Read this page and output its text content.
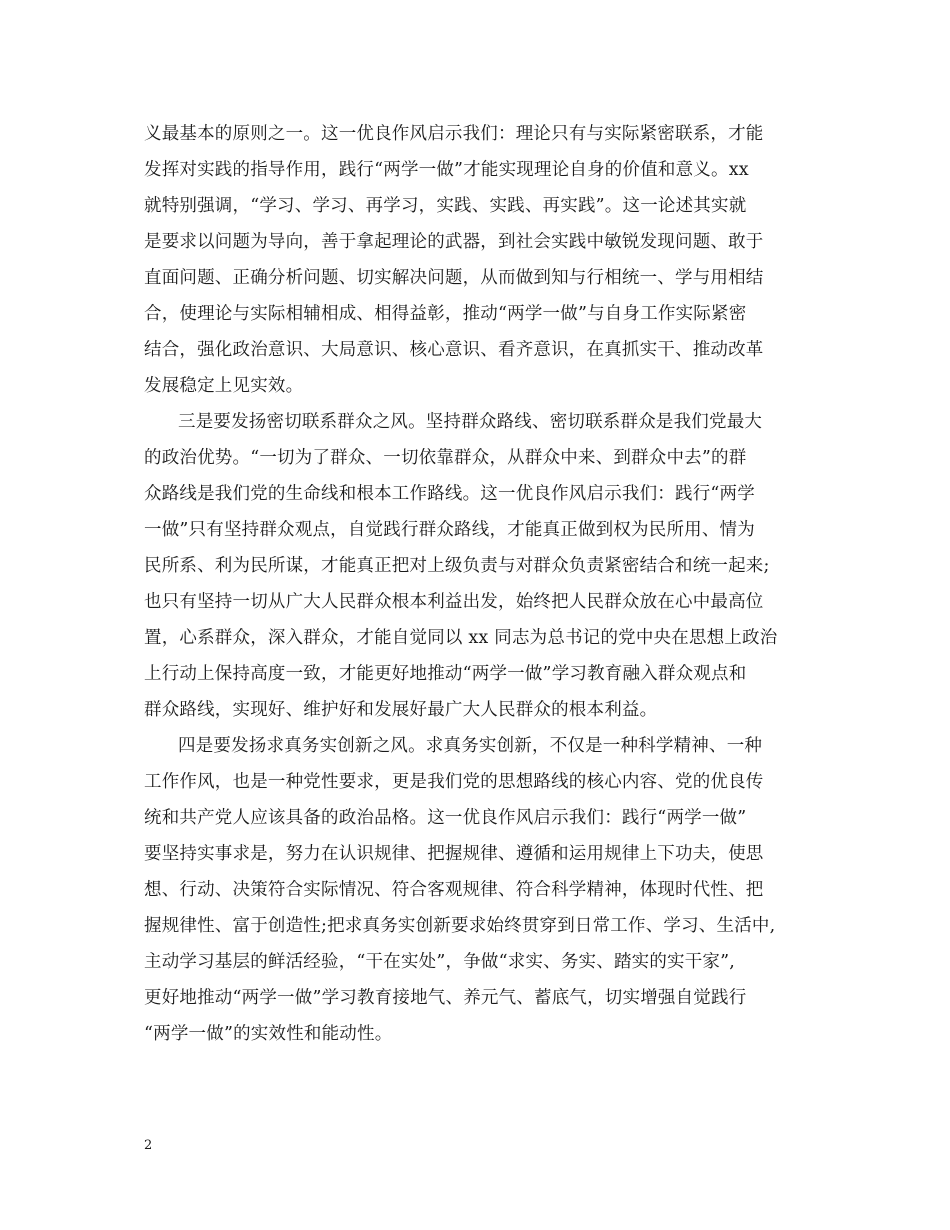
义最基本的原则之一。这一优良作风启示我们：理论只有与实际紧密联系，才能
发挥对实践的指导作用，践行“两学一做”才能实现理论自身的价值和意义。xx
就特别强调，“学习、学习、再学习，实践、实践、再实践”。这一论述其实就
是要求以问题为导向，善于拿起理论的武器，到社会实践中敏锐发现问题、敢于
直面问题、正确分析问题、切实解决问题，从而做到知与行相统一、学与用相结
合，使理论与实际相辅相成、相得益彰，推动“两学一做”与自身工作实际紧密
结合，强化政治意识、大局意识、核心意识、看齐意识，在真抓实干、推动改革
发展稳定上见实效。
三是要发扬密切联系群众之风。坚持群众路线、密切联系群众是我们党最大
的政治优势。“一切为了群众、一切依靠群众，从群众中来、到群众中去”的群
众路线是我们党的生命线和根本工作路线。这一优良作风启示我们：践行“两学
一做”只有坚持群众观点，自觉践行群众路线，才能真正做到权为民所用、情为
民所系、利为民所谋，才能真正把对上级负责与对群众负责紧密结合和统一起来;
也只有坚持一切从广大人民群众根本利益出发，始终把人民群众放在心中最高位
置，心系群众，深入群众，才能自觉同以 xx 同志为总书记的党中央在思想上政治
上行动上保持高度一致，才能更好地推动“两学一做”学习教育融入群众观点和
群众路线，实现好、维护好和发展好最广大人民群众的根本利益。
四是要发扬求真务实创新之风。求真务实创新，不仅是一种科学精神、一种
工作作风，也是一种党性要求，更是我们党的思想路线的核心内容、党的优良传
统和共产党人应该具备的政治品格。这一优良作风启示我们：践行“两学一做”
要坚持实事求是，努力在认识规律、把握规律、遵循和运用规律上下功夫，使思
想、行动、决策符合实际情况、符合客观规律、符合科学精神，体现时代性、把
握规律性、富于创造性;把求真务实创新要求始终贯穿到日常工作、学习、生活中,
主动学习基层的鲜活经验，“干在实处”，争做“求实、务实、踏实的实干家”,
更好地推动“两学一做”学习教育接地气、养元气、蓄底气，切实增强自觉践行
“两学一做”的实效性和能动性。
2
